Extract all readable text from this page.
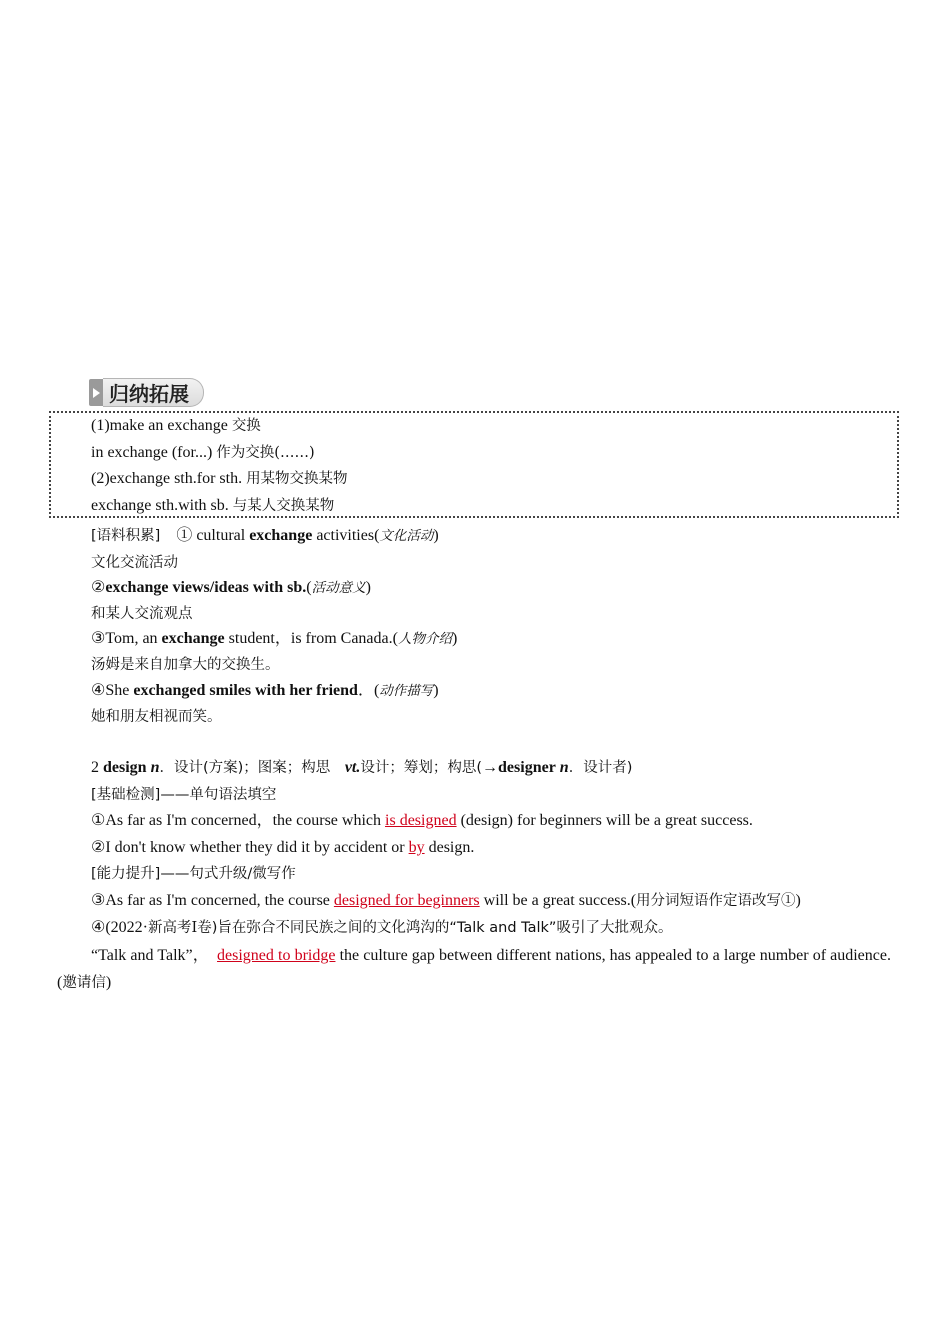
归纳拓展
(1)make an exchange 交换
in exchange (for...) 作为交换(……)
(2)exchange sth.for sth. 用某物交换某物
exchange sth.with sb. 与某人交换某物
[语料积累]　① cultural exchange activities(文化活动)
文化交流活动
②exchange views/ideas with sb.(活动意义)
和某人交流观点
③Tom, an exchange student，is from Canada.(人物介绍)
汤姆是来自加拿大的交换生。
④She exchanged smiles with her friend．(动作描写)
她和朋友相视而笑。
2 design n．设计(方案)；图案；构思　vt.设计；筹划；构思(→designer n．设计者)
[基础检测]——单句语法填空
①As far as I'm concerned，the course which is designed (design) for beginners will be a great success.
②I don't know whether they did it by accident or by design.
[能力提升]——句式升级/微写作
③As far as I'm concerned, the course designed for beginners will be a great success.(用分词短语作定语改写①)
④(2022·新高考Ⅰ卷)旨在弥合不同民族之间的文化鸿沟的“Talk and Talk”吸引了大批观众。
“Talk and Talk”，　designed to bridge the culture gap between different nations, has appealed to a large number of audience.(邀请信)
